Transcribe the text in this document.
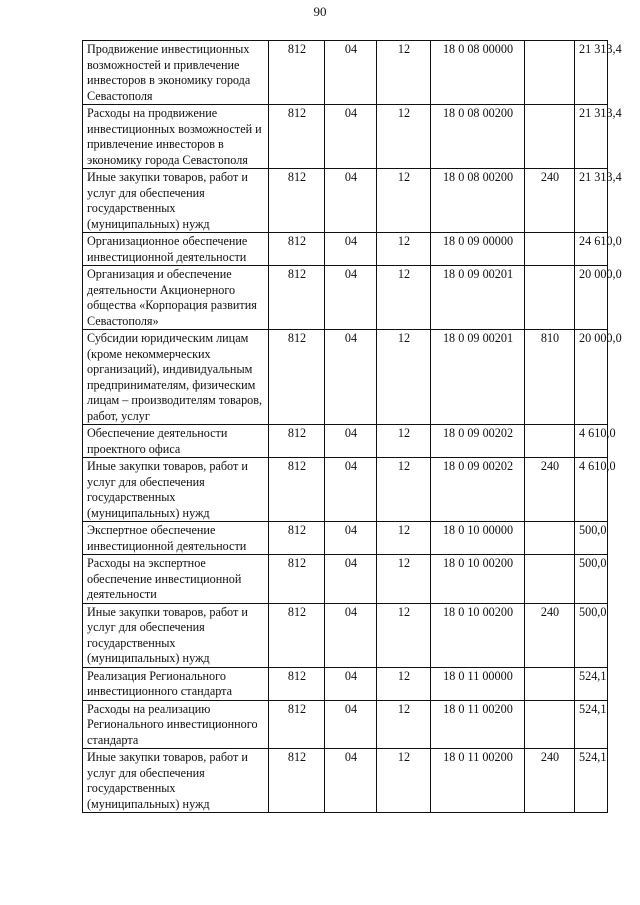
90
Продвижение инвестиционных возможностей и привлечение инвесторов в экономику города Севастополя	812	04	12	18 0 08 00000		21 313,4
Расходы на продвижение инвестиционных возможностей и привлечение инвесторов в экономику города Севастополя	812	04	12	18 0 08 00200		21 313,4
Иные закупки товаров, работ и услуг для обеспечения государственных (муниципальных) нужд	812	04	12	18 0 08 00200	240	21 313,4
Организационное обеспечение инвестиционной деятельности	812	04	12	18 0 09 00000		24 610,0
Организация и обеспечение деятельности Акционерного общества «Корпорация развития Севастополя»	812	04	12	18 0 09 00201		20 000,0
Субсидии юридическим лицам (кроме некоммерческих организаций), индивидуальным предпринимателям, физическим лицам – производителям товаров, работ, услуг	812	04	12	18 0 09 00201	810	20 000,0
Обеспечение деятельности проектного офиса	812	04	12	18 0 09 00202		4 610,0
Иные закупки товаров, работ и услуг для обеспечения государственных (муниципальных) нужд	812	04	12	18 0 09 00202	240	4 610,0
Экспертное обеспечение инвестиционной деятельности	812	04	12	18 0 10 00000		500,0
Расходы на экспертное обеспечение инвестиционной деятельности	812	04	12	18 0 10 00200		500,0
Иные закупки товаров, работ и услуг для обеспечения государственных (муниципальных) нужд	812	04	12	18 0 10 00200	240	500,0
Реализация Регионального инвестиционного стандарта	812	04	12	18 0 11 00000		524,1
Расходы на реализацию Регионального инвестиционного стандарта	812	04	12	18 0 11 00200		524,1
Иные закупки товаров, работ и услуг для обеспечения государственных (муниципальных) нужд	812	04	12	18 0 11 00200	240	524,1
